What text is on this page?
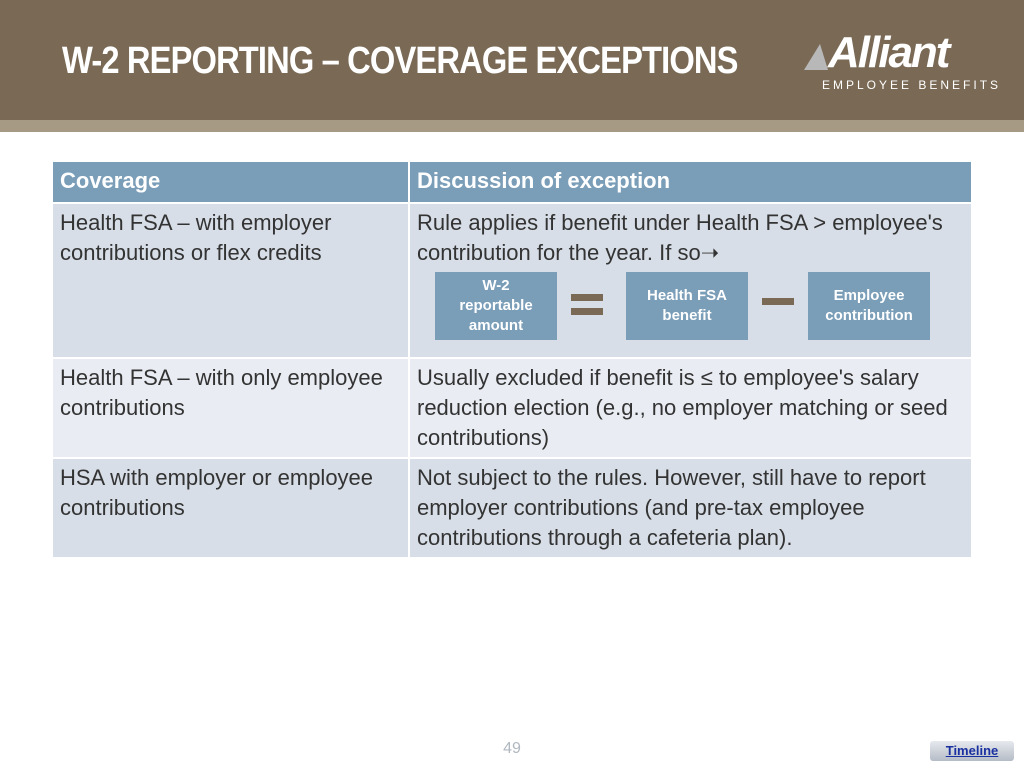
W-2 REPORTING – COVERAGE EXCEPTIONS Alliant
EMPLOYEE BENEFITS
Coverage	Discussion of exception
Health FSA – with employer contributions or flex credits	Rule applies if benefit under Health FSA > employee's contribution for the year. If so➝
W-2 reportable amount
Health FSA benefit
Employee contribution

Health FSA – with only employee contributions	Usually excluded if benefit is ≤ to employee's salary reduction election (e.g., no employer matching or seed contributions)
HSA with employer or employee contributions	Not subject to the rules. However, still have to report employer contributions (and pre-tax employee contributions through a cafeteria plan).
49	Timeline
